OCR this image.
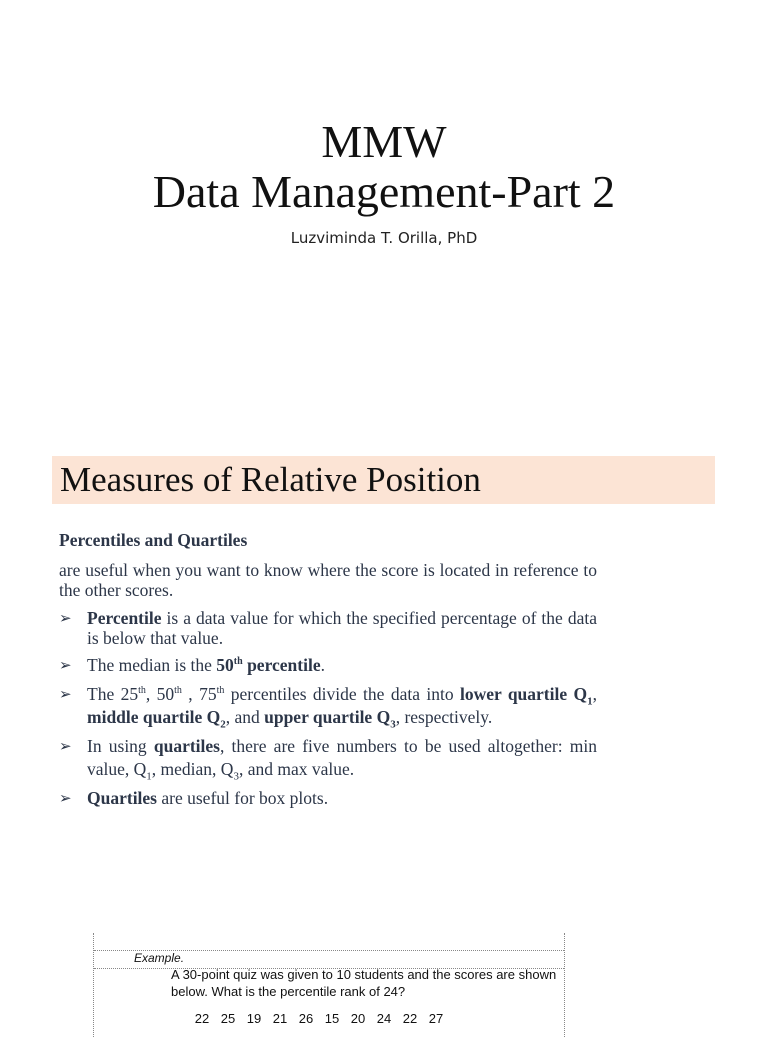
MMW
Data Management-Part 2
Luzviminda T. Orilla, PhD
Measures of Relative Position
Percentiles and Quartiles
are useful when you want to know where the score is located in reference to the other scores.
➢ Percentile is a data value for which the specified percentage of the data is below that value.
➢ The median is the 50th percentile.
➢ The 25th, 50th , 75th percentiles divide the data into lower quartile $Q_1$, middle quartile $Q_2$, and upper quartile $Q_3$, respectively.
➢ In using quartiles, there are five numbers to be used altogether: min value, $Q_1$, median, $Q_3$, and max value.
➢ Quartiles are useful for box plots.
Example.
A 30-point quiz was given to 10 students and the scores are shown below. What is the percentile rank of 24?
22 25 19 21 26 15 20 24 22 27
